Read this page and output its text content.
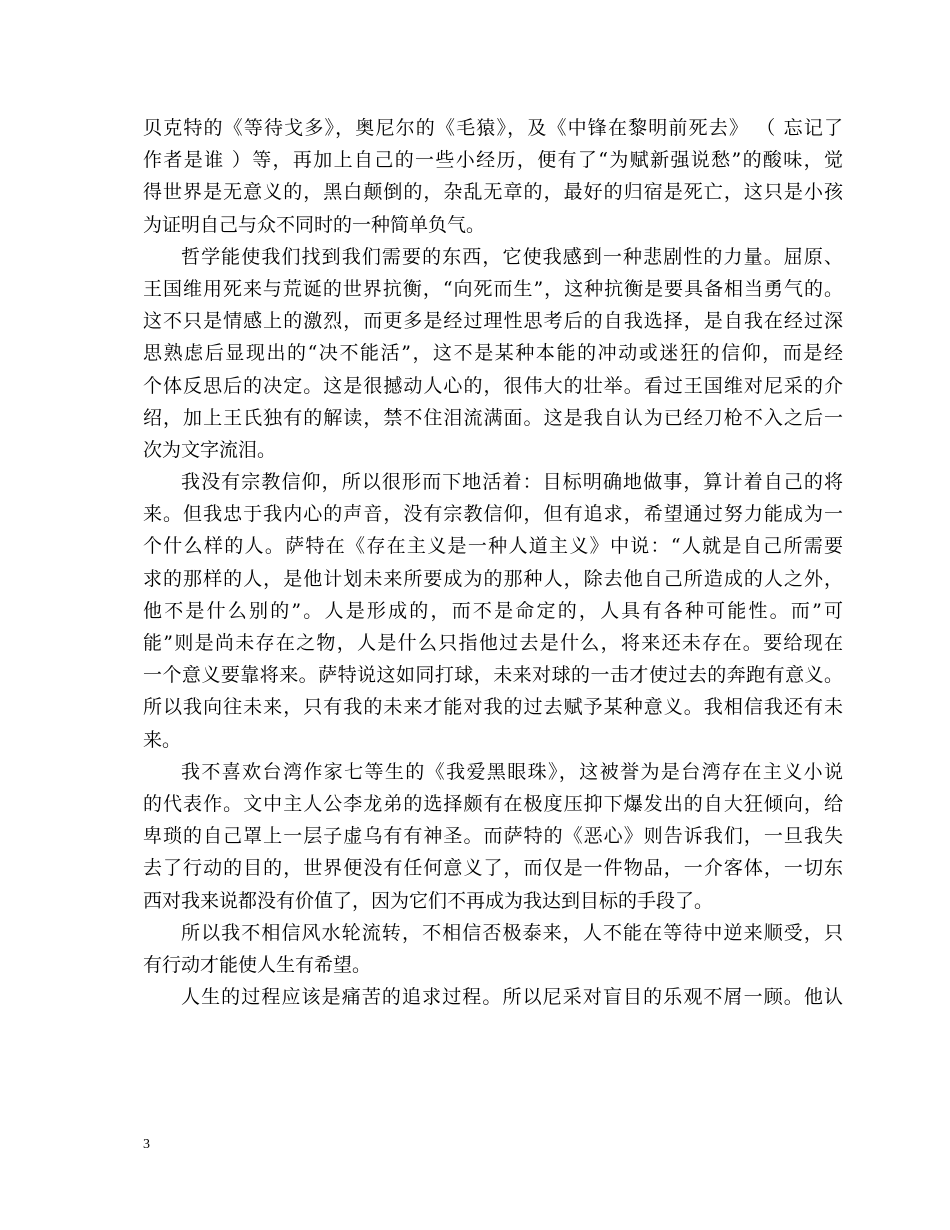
贝克特的《等待戈多》，奥尼尔的《毛猿》，及《中锋在黎明前死去》 （ 忘记了
作者是谁 ）等，再加上自己的一些小经历，便有了“为赋新强说愁”的酸味，觉
得世界是无意义的，黑白颠倒的，杂乱无章的，最好的归宿是死亡，这只是小孩
为证明自己与众不同时的一种简单负气。
哲学能使我们找到我们需要的东西，它使我感到一种悲剧性的力量。屈原、
王国维用死来与荒诞的世界抗衡，“向死而生”，这种抗衡是要具备相当勇气的。
这不只是情感上的激烈，而更多是经过理性思考后的自我选择，是自我在经过深
思熟虑后显现出的“决不能活”，这不是某种本能的冲动或迷狂的信仰，而是经
个体反思后的决定。这是很撼动人心的，很伟大的壮举。看过王国维对尼采的介
绍，加上王氏独有的解读，禁不住泪流满面。这是我自认为已经刀枪不入之后一
次为文字流泪。
我没有宗教信仰，所以很形而下地活着：目标明确地做事，算计着自己的将
来。但我忠于我内心的声音，没有宗教信仰，但有追求，希望通过努力能成为一
个什么样的人。萨特在《存在主义是一种人道主义》中说：“人就是自己所需要
求的那样的人，是他计划未来所要成为的那种人，除去他自己所造成的人之外，
他不是什么别的”。人是形成的，而不是命定的，人具有各种可能性。而”可
能”则是尚未存在之物，人是什么只指他过去是什么，将来还未存在。要给现在
一个意义要靠将来。萨特说这如同打球，未来对球的一击才使过去的奔跑有意义。
所以我向往未来，只有我的未来才能对我的过去赋予某种意义。我相信我还有未
来。
我不喜欢台湾作家七等生的《我爱黑眼珠》，这被誉为是台湾存在主义小说
的代表作。文中主人公李龙弟的选择颇有在极度压抑下爆发出的自大狂倾向，给
卑琐的自己罩上一层子虚乌有有神圣。而萨特的《恶心》则告诉我们，一旦我失
去了行动的目的，世界便没有任何意义了，而仅是一件物品，一介客体，一切东
西对我来说都没有价值了，因为它们不再成为我达到目标的手段了。
所以我不相信风水轮流转，不相信否极泰来，人不能在等待中逆来顺受，只
有行动才能使人生有希望。
人生的过程应该是痛苦的追求过程。所以尼采对盲目的乐观不屑一顾。他认
3
